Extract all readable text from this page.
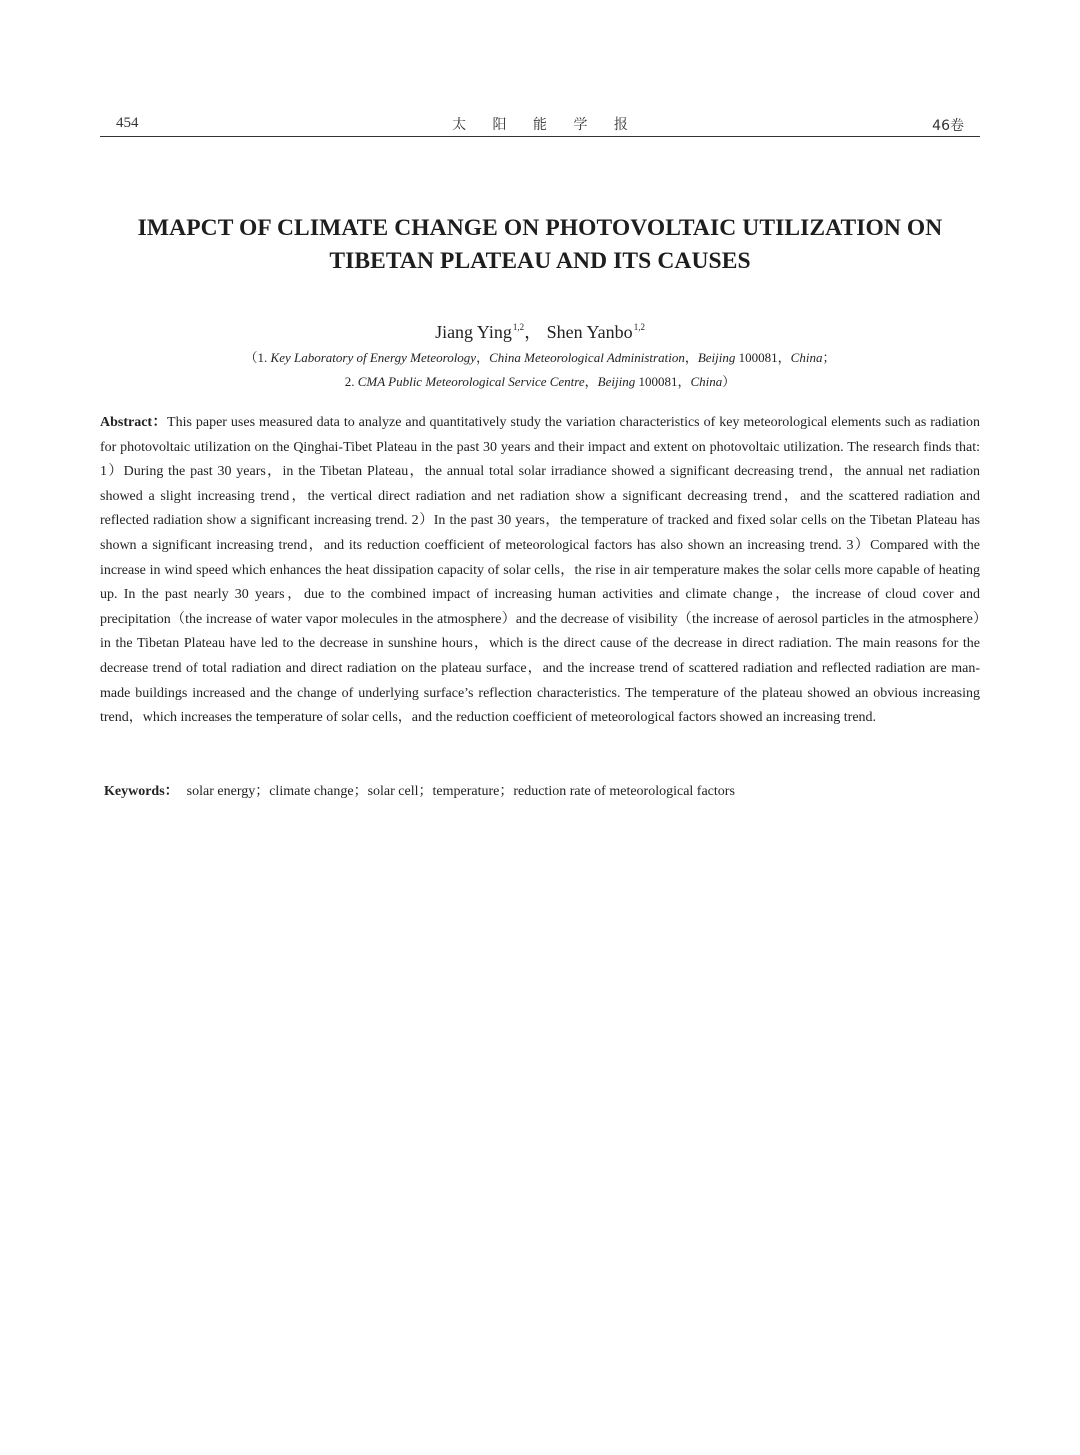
454	太 阳 能 学 报	46卷
IMAPCT OF CLIMATE CHANGE ON PHOTOVOLTAIC UTILIZATION ON
TIBETAN PLATEAU AND ITS CAUSES
Jiang Ying$^{1,2}$， Shen Yanbo$^{1,2}$
（1. Key Laboratory of Energy Meteorology，China Meteorological Administration，Beijing 100081，China；
2. CMA Public Meteorological Service Centre，Beijing 100081，China）

Abstract：This paper uses measured data to analyze and quantitatively study the variation characteristics of key meteorological elements such as radiation for photovoltaic utilization on the Qinghai-Tibet Plateau in the past 30 years and their impact and extent on photovoltaic utilization. The research finds that: 1）During the past 30 years，in the Tibetan Plateau，the annual total solar irradiance showed a significant decreasing trend，the annual net radiation showed a slight increasing trend，the vertical direct radiation and net radiation show a significant decreasing trend，and the scattered radiation and reflected radiation show a significant increasing trend. 2）In the past 30 years，the temperature of tracked and fixed solar cells on the Tibetan Plateau has shown a significant increasing trend，and its reduction coefficient of meteorological factors has also shown an increasing trend. 3）Compared with the increase in wind speed which enhances the heat dissipation capacity of solar cells，the rise in air temperature makes the solar cells more capable of heating up. In the past nearly 30 years，due to the combined impact of increasing human activities and climate change，the increase of cloud cover and precipitation（the increase of water vapor molecules in the atmosphere）and the decrease of visibility（the increase of aerosol particles in the atmosphere）in the Tibetan Plateau have led to the decrease in sunshine hours，which is the direct cause of the decrease in direct radiation. The main reasons for the decrease trend of total radiation and direct radiation on the plateau surface，and the increase trend of scattered radiation and reflected radiation are man-made buildings increased and the change of underlying surface’s reflection characteristics. The temperature of the plateau showed an obvious increasing trend，which increases the temperature of solar cells，and the reduction coefficient of meteorological factors showed an increasing trend.

Keywords： solar energy；climate change；solar cell；temperature；reduction rate of meteorological factors
